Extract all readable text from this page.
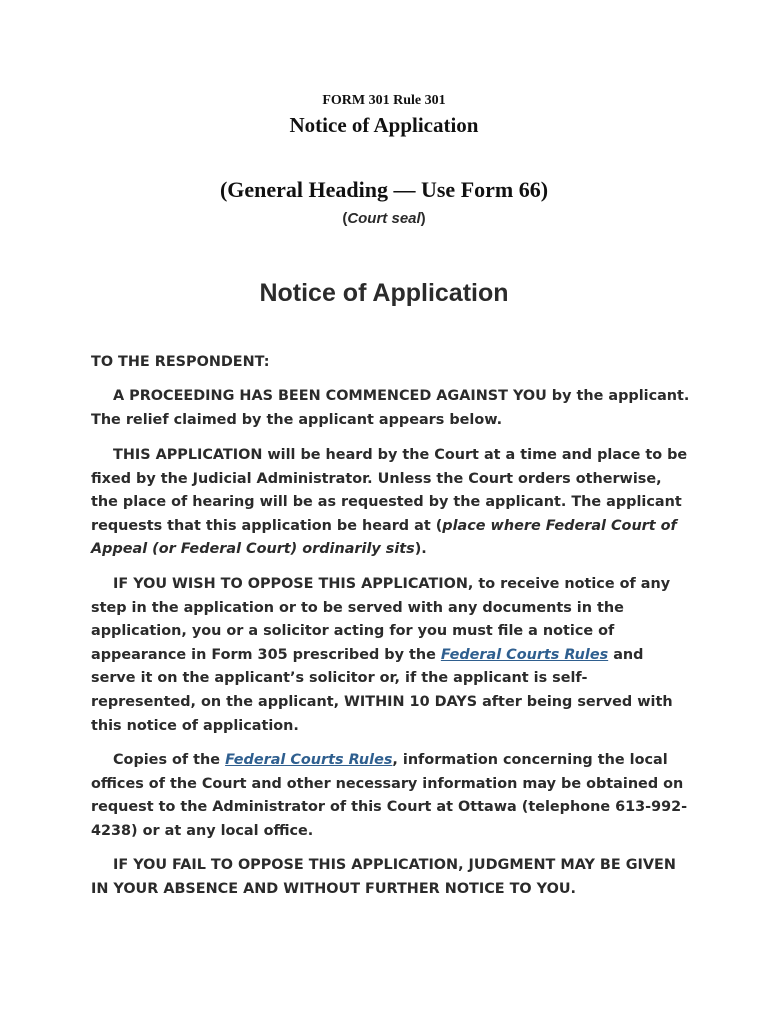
FORM 301 Rule 301
Notice of Application
(General Heading — Use Form 66)
(Court seal)
Notice of Application

TO THE RESPONDENT:

A PROCEEDING HAS BEEN COMMENCED AGAINST YOU by the applicant. The relief claimed by the applicant appears below.

THIS APPLICATION will be heard by the Court at a time and place to be fixed by the Judicial Administrator. Unless the Court orders otherwise, the place of hearing will be as requested by the applicant. The applicant requests that this application be heard at (place where Federal Court of Appeal (or Federal Court) ordinarily sits).

IF YOU WISH TO OPPOSE THIS APPLICATION, to receive notice of any step in the application or to be served with any documents in the application, you or a solicitor acting for you must file a notice of appearance in Form 305 prescribed by the Federal Courts Rules and serve it on the applicant’s solicitor or, if the applicant is self-represented, on the applicant, WITHIN 10 DAYS after being served with this notice of application.

Copies of the Federal Courts Rules, information concerning the local offices of the Court and other necessary information may be obtained on request to the Administrator of this Court at Ottawa (telephone 613-992-4238) or at any local office.

IF YOU FAIL TO OPPOSE THIS APPLICATION, JUDGMENT MAY BE GIVEN IN YOUR ABSENCE AND WITHOUT FURTHER NOTICE TO YOU.
